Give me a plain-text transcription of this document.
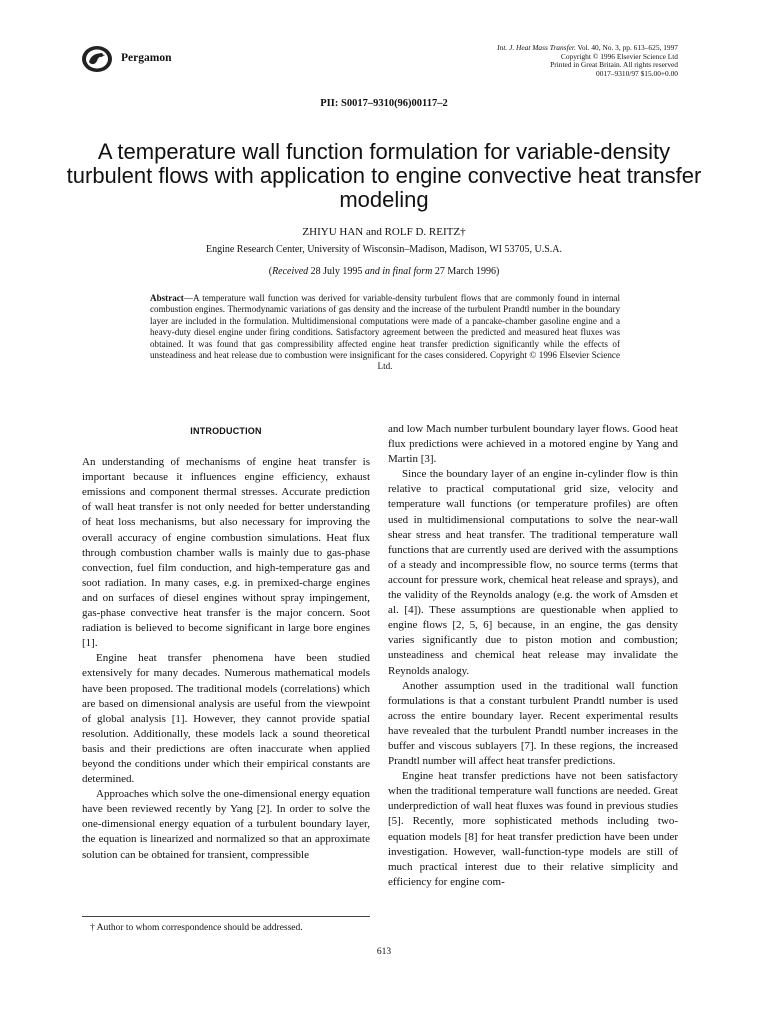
Pergamon
Int. J. Heat Mass Transfer. Vol. 40, No. 3, pp. 613–625, 1997
Copyright © 1996 Elsevier Science Ltd
Printed in Great Britain. All rights reserved
0017–9310/97 $15.00+0.00
PII: S0017–9310(96)00117–2
A temperature wall function formulation for variable-density turbulent flows with application to engine convective heat transfer modeling
ZHIYU HAN and ROLF D. REITZ†
Engine Research Center, University of Wisconsin–Madison, Madison, WI 53705, U.S.A.
(Received 28 July 1995 and in final form 27 March 1996)
Abstract—A temperature wall function was derived for variable-density turbulent flows that are commonly found in internal combustion engines. Thermodynamic variations of gas density and the increase of the turbulent Prandtl number in the boundary layer are included in the formulation. Multidimensional computations were made of a pancake-chamber gasoline engine and a heavy-duty diesel engine under firing conditions. Satisfactory agreement between the predicted and measured heat fluxes was obtained. It was found that gas compressibility affected engine heat transfer prediction significantly while the effects of unsteadiness and heat release due to combustion were insignificant for the cases considered. Copyright © 1996 Elsevier Science Ltd.
INTRODUCTION

An understanding of mechanisms of engine heat transfer is important because it influences engine efficiency, exhaust emissions and component thermal stresses. Accurate prediction of wall heat transfer is not only needed for better understanding of heat loss mechanisms, but also necessary for improving the overall accuracy of engine combustion simulations. Heat flux through combustion chamber walls is mainly due to gas-phase convection, fuel film conduction, and high-temperature gas and soot radiation. In many cases, e.g. in premixed-charge engines and on surfaces of diesel engines without spray impingement, gas-phase convective heat transfer is the major concern. Soot radiation is believed to become significant in large bore engines [1].

Engine heat transfer phenomena have been studied extensively for many decades. Numerous mathematical models have been proposed. The traditional models (correlations) which are based on dimensional analysis are useful from the viewpoint of global analysis [1]. However, they cannot provide spatial resolution. Additionally, these models lack a sound theoretical basis and their predictions are often inaccurate when applied beyond the conditions under which their empirical constants are determined.

Approaches which solve the one-dimensional energy equation have been reviewed recently by Yang [2]. In order to solve the one-dimensional energy equation of a turbulent boundary layer, the equation is linearized and normalized so that an approximate solution can be obtained for transient, compressible

and low Mach number turbulent boundary layer flows. Good heat flux predictions were achieved in a motored engine by Yang and Martin [3].

Since the boundary layer of an engine in-cylinder flow is thin relative to practical computational grid size, velocity and temperature wall functions (or temperature profiles) are often used in multidimensional computations to solve the near-wall shear stress and heat transfer. The traditional temperature wall functions that are currently used are derived with the assumptions of a steady and incompressible flow, no source terms (terms that account for pressure work, chemical heat release and sprays), and the validity of the Reynolds analogy (e.g. the work of Amsden et al. [4]). These assumptions are questionable when applied to engine flows [2, 5, 6] because, in an engine, the gas density varies significantly due to piston motion and combustion; unsteadiness and chemical heat release may invalidate the Reynolds analogy.

Another assumption used in the traditional wall function formulations is that a constant turbulent Prandtl number is used across the entire boundary layer. Recent experimental results have revealed that the turbulent Prandtl number increases in the buffer and viscous sublayers [7]. In these regions, the increased Prandtl number will affect heat transfer predictions.

Engine heat transfer predictions have not been satisfactory when the traditional temperature wall functions are needed. Great underprediction of wall heat fluxes was found in previous studies [5]. Recently, more sophisticated methods including two-equation models [8] for heat transfer prediction have been under investigation. However, wall-function-type models are still of much practical interest due to their relative simplicity and efficiency for engine com-

† Author to whom correspondence should be addressed.
613
